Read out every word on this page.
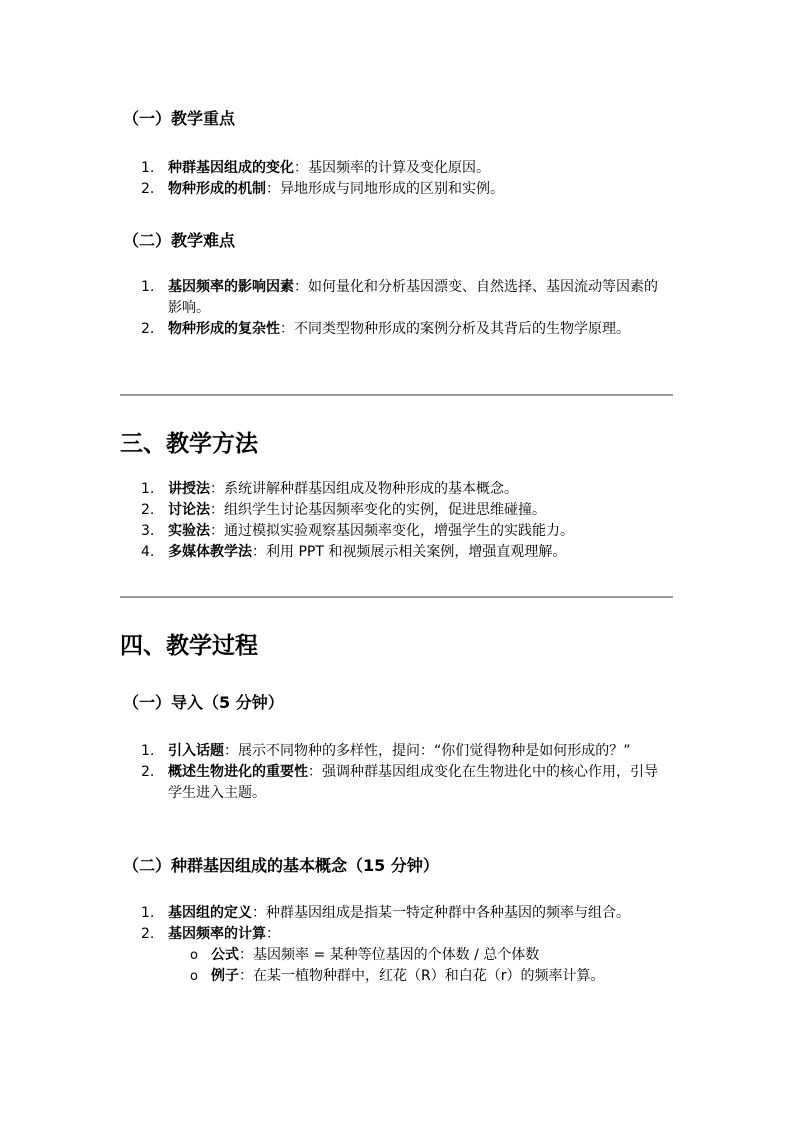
（一）教学重点
1. 种群基因组成的变化：基因频率的计算及变化原因。
2. 物种形成的机制：异地形成与同地形成的区别和实例。
（二）教学难点
1. 基因频率的影响因素：如何量化和分析基因漂变、自然选择、基因流动等因素的影响。
2. 物种形成的复杂性：不同类型物种形成的案例分析及其背后的生物学原理。
三、教学方法
1. 讲授法：系统讲解种群基因组成及物种形成的基本概念。
2. 讨论法：组织学生讨论基因频率变化的实例，促进思维碰撞。
3. 实验法：通过模拟实验观察基因频率变化，增强学生的实践能力。
4. 多媒体教学法：利用 PPT 和视频展示相关案例，增强直观理解。
四、教学过程
（一）导入（5 分钟）
1. 引入话题：展示不同物种的多样性，提问：“你们觉得物种是如何形成的？”
2. 概述生物进化的重要性：强调种群基因组成变化在生物进化中的核心作用，引导学生进入主题。
（二）种群基因组成的基本概念（15 分钟）
1. 基因组的定义：种群基因组成是指某一特定种群中各种基因的频率与组合。
2. 基因频率的计算：
o 公式：基因频率 = 某种等位基因的个体数 / 总个体数
o 例子：在某一植物种群中，红花（R）和白花（r）的频率计算。
